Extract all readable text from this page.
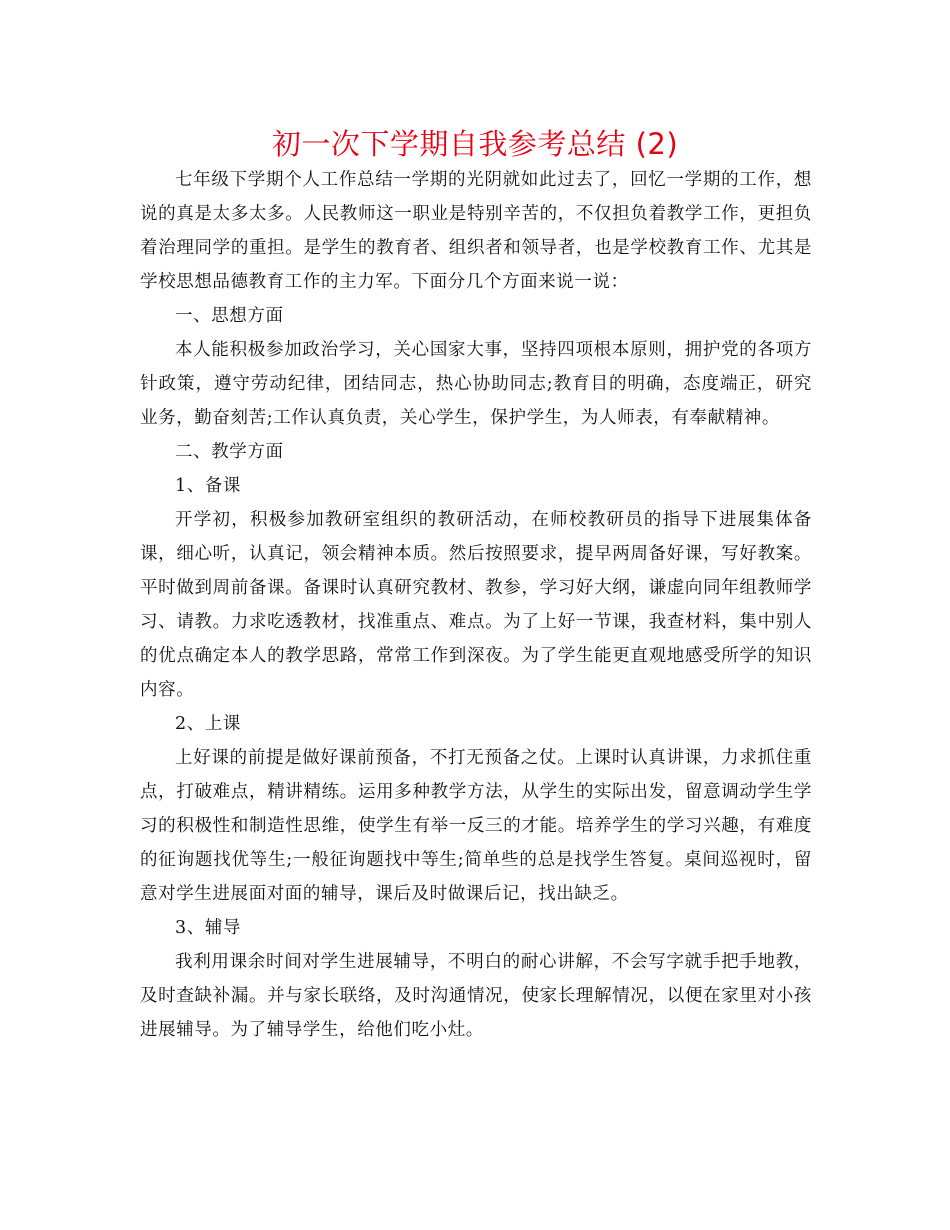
初一次下学期自我参考总结 (2)

七年级下学期个人工作总结一学期的光阴就如此过去了，回忆一学期的工作，想说的真是太多太多。人民教师这一职业是特别辛苦的，不仅担负着教学工作，更担负着治理同学的重担。是学生的教育者、组织者和领导者，也是学校教育工作、尤其是学校思想品德教育工作的主力军。下面分几个方面来说一说：

一、思想方面

本人能积极参加政治学习，关心国家大事，坚持四项根本原则，拥护党的各项方针政策，遵守劳动纪律，团结同志，热心协助同志;教育目的明确，态度端正，研究业务，勤奋刻苦;工作认真负责，关心学生，保护学生，为人师表，有奉献精神。

二、教学方面

1、备课

开学初，积极参加教研室组织的教研活动，在师校教研员的指导下进展集体备课，细心听，认真记，领会精神本质。然后按照要求，提早两周备好课，写好教案。平时做到周前备课。备课时认真研究教材、教参，学习好大纲，谦虚向同年组教师学习、请教。力求吃透教材，找准重点、难点。为了上好一节课，我查材料，集中别人的优点确定本人的教学思路，常常工作到深夜。为了学生能更直观地感受所学的知识内容。

2、上课

上好课的前提是做好课前预备，不打无预备之仗。上课时认真讲课，力求抓住重点，打破难点，精讲精练。运用多种教学方法，从学生的实际出发，留意调动学生学习的积极性和制造性思维，使学生有举一反三的才能。培养学生的学习兴趣，有难度的征询题找优等生;一般征询题找中等生;简单些的总是找学生答复。桌间巡视时，留意对学生进展面对面的辅导，课后及时做课后记，找出缺乏。

3、辅导

我利用课余时间对学生进展辅导，不明白的耐心讲解，不会写字就手把手地教，及时查缺补漏。并与家长联络，及时沟通情况，使家长理解情况，以便在家里对小孩进展辅导。为了辅导学生，给他们吃小灶。
